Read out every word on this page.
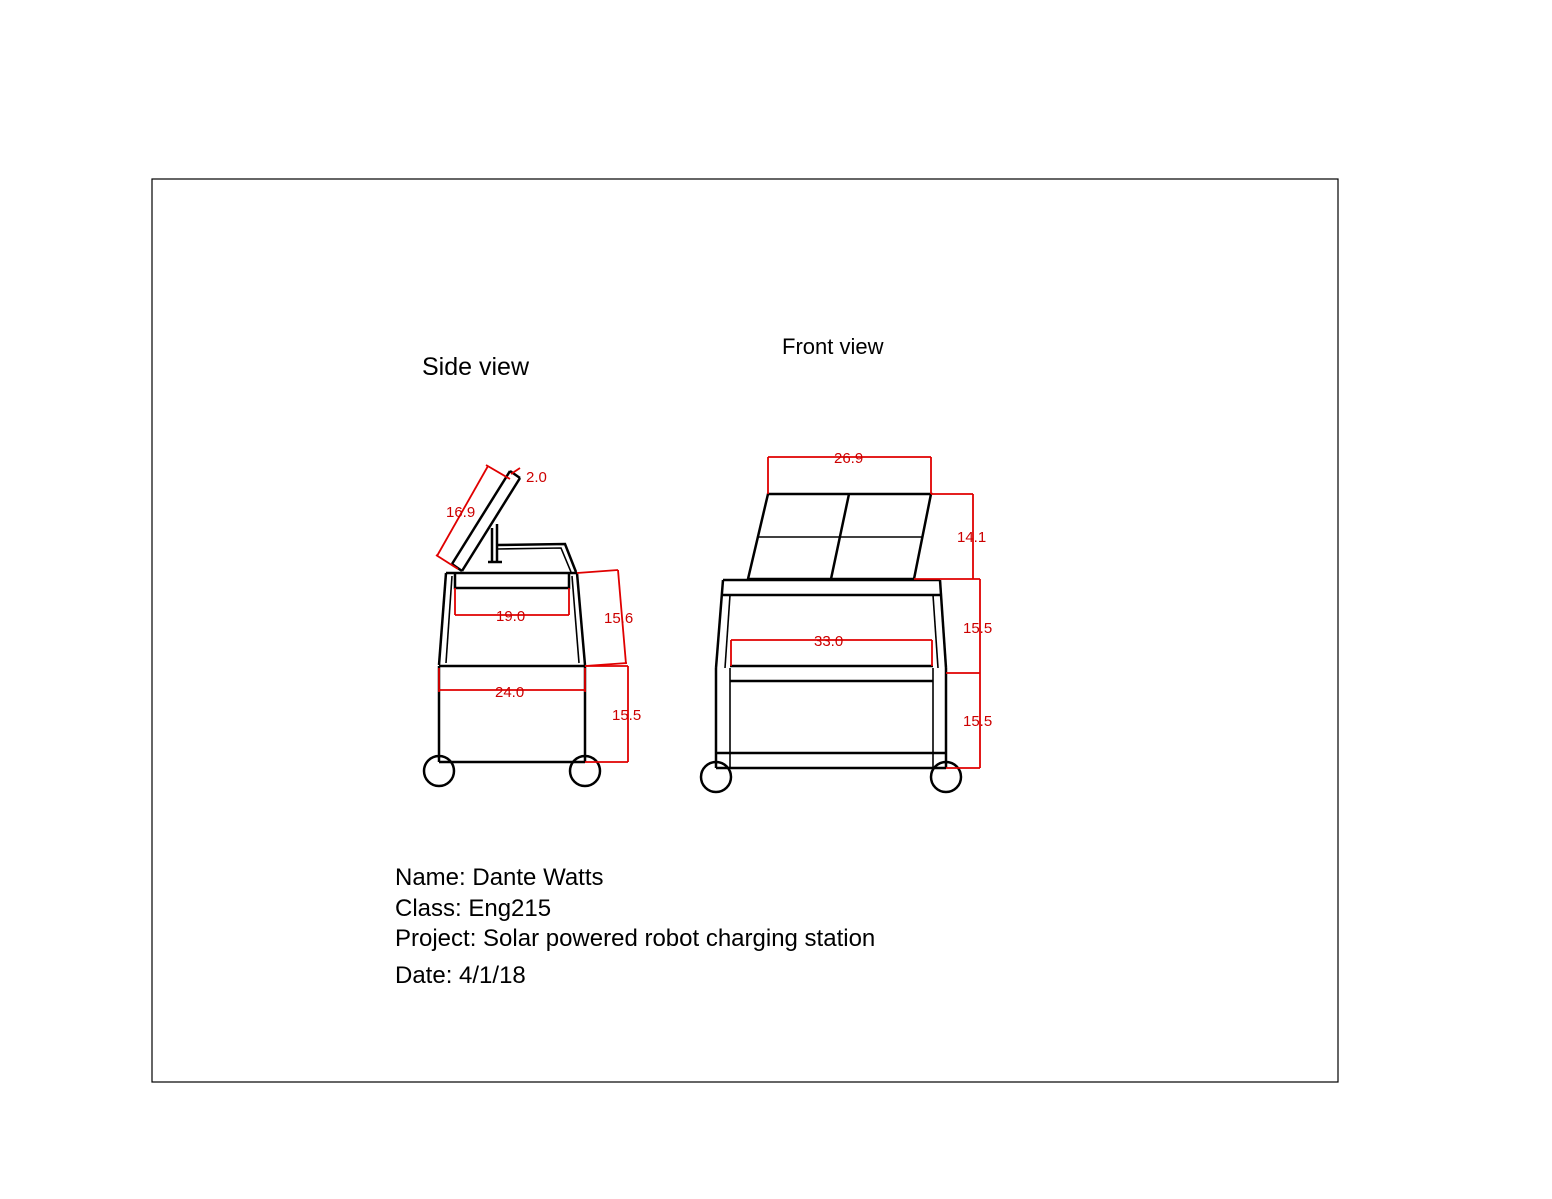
Side view
Front view
16.9
2.0
19.0	15.6
24.0
15.5
26.9
14.1
33.0
15.5
15.5
Name: Dante Watts
Class: Eng215
Project: Solar powered robot charging station
Date: 4/1/18
